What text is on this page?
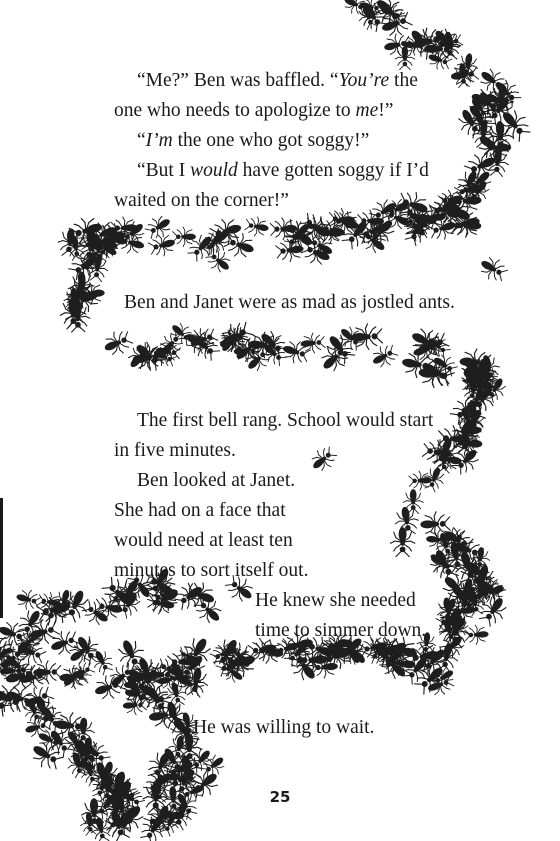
“Me?” Ben was baffled. “You’re the
one who needs to apologize to me!”
“I’m the one who got soggy!”
“But I would have gotten soggy if I’d
waited on the corner!”
Ben and Janet were as mad as jostled ants.
The first bell rang. School would start
in five minutes.
Ben looked at Janet.
She had on a face that
would need at least ten
minutes to sort itself out.
He knew she needed
time to simmer down.
He was willing to wait.
25
